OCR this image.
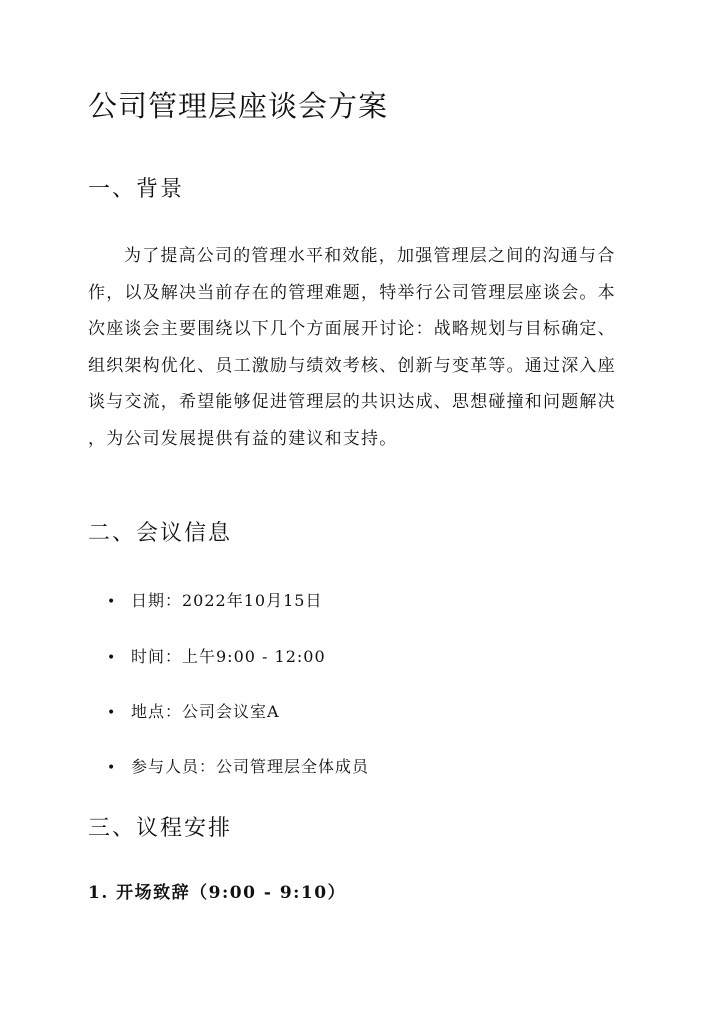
公司管理层座谈会方案
一、背景

为了提高公司的管理水平和效能，加强管理层之间的沟通与合
作，以及解决当前存在的管理难题，特举行公司管理层座谈会。本
次座谈会主要围绕以下几个方面展开讨论：战略规划与目标确定、
组织架构优化、员工激励与绩效考核、创新与变革等。通过深入座
谈与交流，希望能够促进管理层的共识达成、思想碰撞和问题解决
，为公司发展提供有益的建议和支持。

二、会议信息
• 日期：2022年10月15日
• 时间：上午9:00 - 12:00
• 地点：公司会议室A
• 参与人员：公司管理层全体成员
三、议程安排
1. 开场致辞（9:00 - 9:10）
